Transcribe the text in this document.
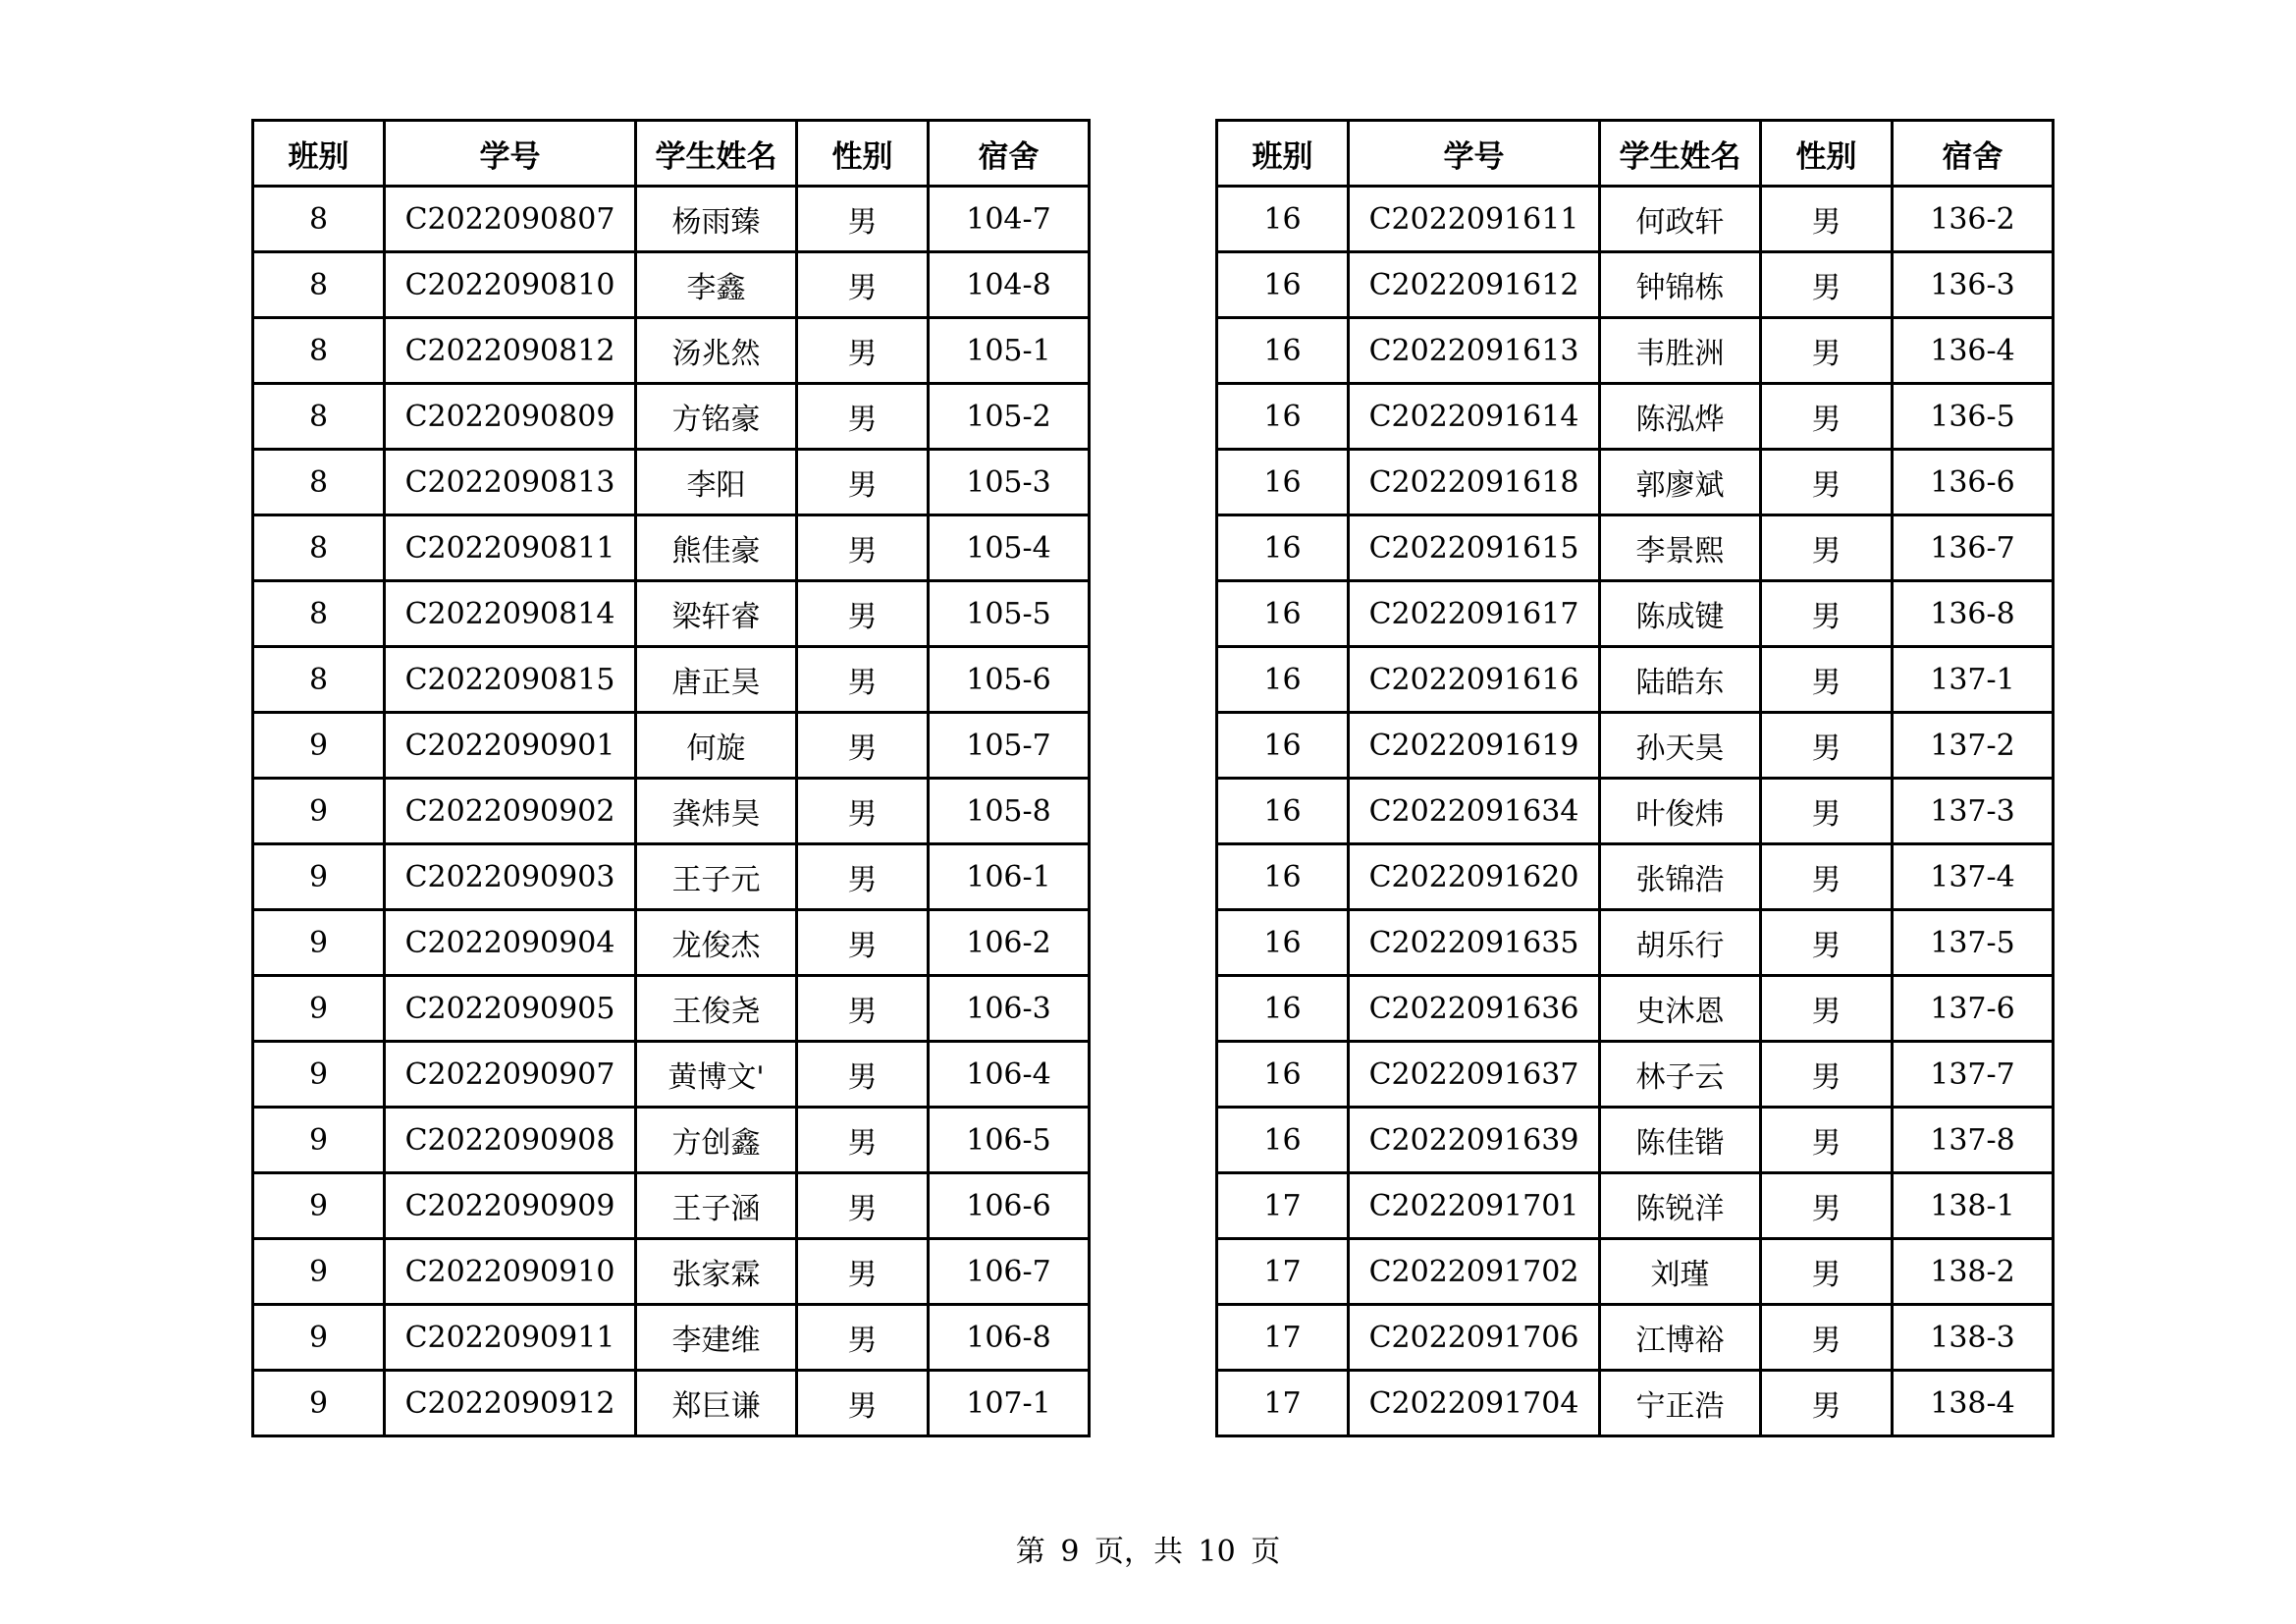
班别	学号	学生姓名	性别	宿舍
8	C2022090807	杨雨臻	男	104-7
8	C2022090810	李鑫	男	104-8
8	C2022090812	汤兆然	男	105-1
8	C2022090809	方铭豪	男	105-2
8	C2022090813	李阳	男	105-3
8	C2022090811	熊佳豪	男	105-4
8	C2022090814	梁轩睿	男	105-5
8	C2022090815	唐正昊	男	105-6
9	C2022090901	何旋	男	105-7
9	C2022090902	龚炜昊	男	105-8
9	C2022090903	王子元	男	106-1
9	C2022090904	龙俊杰	男	106-2
9	C2022090905	王俊尧	男	106-3
9	C2022090907	黄博文'	男	106-4
9	C2022090908	方创鑫	男	106-5
9	C2022090909	王子涵	男	106-6
9	C2022090910	张家霖	男	106-7
9	C2022090911	李建维	男	106-8
9	C2022090912	郑巨谦	男	107-1
班别	学号	学生姓名	性别	宿舍
16	C2022091611	何政轩	男	136-2
16	C2022091612	钟锦栋	男	136-3
16	C2022091613	韦胜洲	男	136-4
16	C2022091614	陈泓烨	男	136-5
16	C2022091618	郭廖斌	男	136-6
16	C2022091615	李景熙	男	136-7
16	C2022091617	陈成键	男	136-8
16	C2022091616	陆皓东	男	137-1
16	C2022091619	孙天昊	男	137-2
16	C2022091634	叶俊炜	男	137-3
16	C2022091620	张锦浩	男	137-4
16	C2022091635	胡乐行	男	137-5
16	C2022091636	史沐恩	男	137-6
16	C2022091637	林子云	男	137-7
16	C2022091639	陈佳锴	男	137-8
17	C2022091701	陈锐洋	男	138-1
17	C2022091702	刘瑾	男	138-2
17	C2022091706	江博裕	男	138-3
17	C2022091704	宁正浩	男	138-4
第 9 页，共 10 页
